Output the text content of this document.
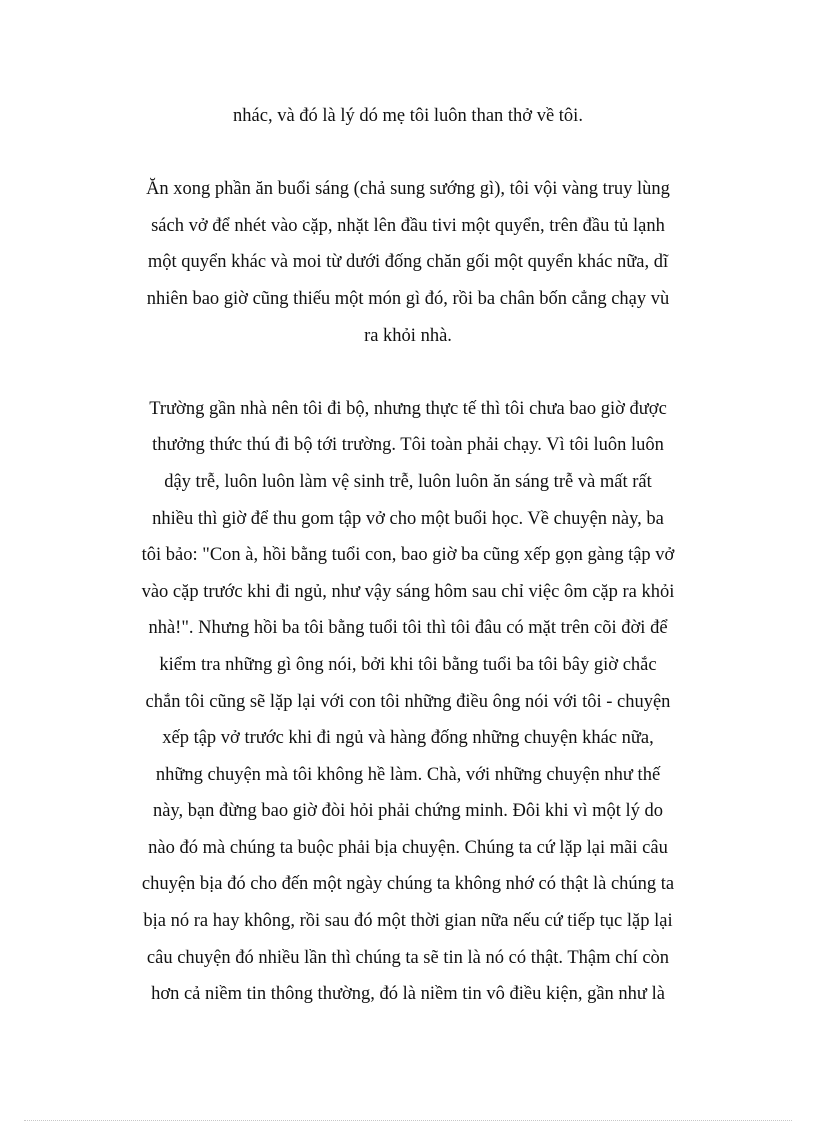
nhác, và đó là lý dó mẹ tôi luôn than thở về tôi.
Ăn xong phần ăn buổi sáng (chả sung sướng gì), tôi vội vàng truy lùng
sách vở để nhét vào cặp, nhặt lên đầu tivi một quyển, trên đầu tủ lạnh
một quyển khác và moi từ dưới đống chăn gối một quyển khác nữa, dĩ
nhiên bao giờ cũng thiếu một món gì đó, rồi ba chân bốn cẳng chạy vù
ra khỏi nhà.
Trường gần nhà nên tôi đi bộ, nhưng thực tế thì tôi chưa bao giờ được
thưởng thức thú đi bộ tới trường. Tôi toàn phải chạy. Vì tôi luôn luôn
dậy trễ, luôn luôn làm vệ sinh trễ, luôn luôn ăn sáng trễ và mất rất
nhiều thì giờ để thu gom tập vở cho một buổi học. Về chuyện này, ba
tôi bảo: "Con à, hồi bằng tuổi con, bao giờ ba cũng xếp gọn gàng tập vở
vào cặp trước khi đi ngủ, như vậy sáng hôm sau chỉ việc ôm cặp ra khỏi
nhà!". Nhưng hồi ba tôi bằng tuổi tôi thì tôi đâu có mặt trên cõi đời để
kiểm tra những gì ông nói, bởi khi tôi bằng tuổi ba tôi bây giờ chắc
chắn tôi cũng sẽ lặp lại với con tôi những điều ông nói với tôi - chuyện
xếp tập vở trước khi đi ngủ và hàng đống những chuyện khác nữa,
những chuyện mà tôi không hề làm. Chà, với những chuyện như thế
này, bạn đừng bao giờ đòi hỏi phải chứng minh. Đôi khi vì một lý do
nào đó mà chúng ta buộc phải bịa chuyện. Chúng ta cứ lặp lại mãi câu
chuyện bịa đó cho đến một ngày chúng ta không nhớ có thật là chúng ta
bịa nó ra hay không, rồi sau đó một thời gian nữa nếu cứ tiếp tục lặp lại
câu chuyện đó nhiều lần thì chúng ta sẽ tin là nó có thật. Thậm chí còn
hơn cả niềm tin thông thường, đó là niềm tin vô điều kiện, gần như là
